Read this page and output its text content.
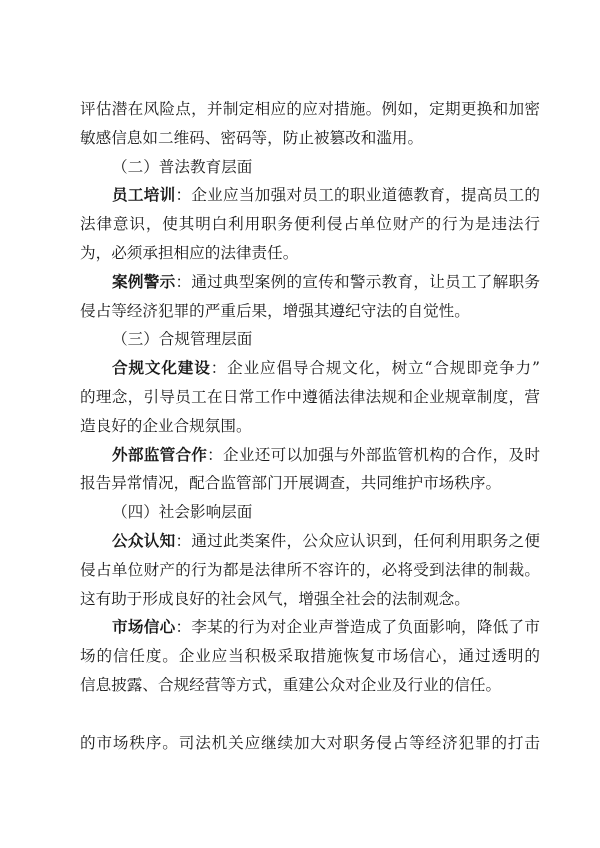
评估潜在风险点，并制定相应的应对措施。例如，定期更换和加密
敏感信息如二维码、密码等，防止被篡改和滥用。
（二）普法教育层面
员工培训：企业应当加强对员工的职业道德教育，提高员工的
法律意识，使其明白利用职务便利侵占单位财产的行为是违法行
为，必须承担相应的法律责任。
案例警示：通过典型案例的宣传和警示教育，让员工了解职务
侵占等经济犯罪的严重后果，增强其遵纪守法的自觉性。
（三）合规管理层面
合规文化建设：企业应倡导合规文化，树立“合规即竞争力”
的理念，引导员工在日常工作中遵循法律法规和企业规章制度，营
造良好的企业合规氛围。
外部监管合作：企业还可以加强与外部监管机构的合作，及时
报告异常情况，配合监管部门开展调查，共同维护市场秩序。
（四）社会影响层面
公众认知：通过此类案件，公众应认识到，任何利用职务之便
侵占单位财产的行为都是法律所不容许的，必将受到法律的制裁。
这有助于形成良好的社会风气，增强全社会的法制观念。
市场信心：李某的行为对企业声誉造成了负面影响，降低了市
场的信任度。企业应当积极采取措施恢复市场信心，通过透明的
信息披露、合规经营等方式，重建公众对企业及行业的信任。
的市场秩序。司法机关应继续加大对职务侵占等经济犯罪的打击
